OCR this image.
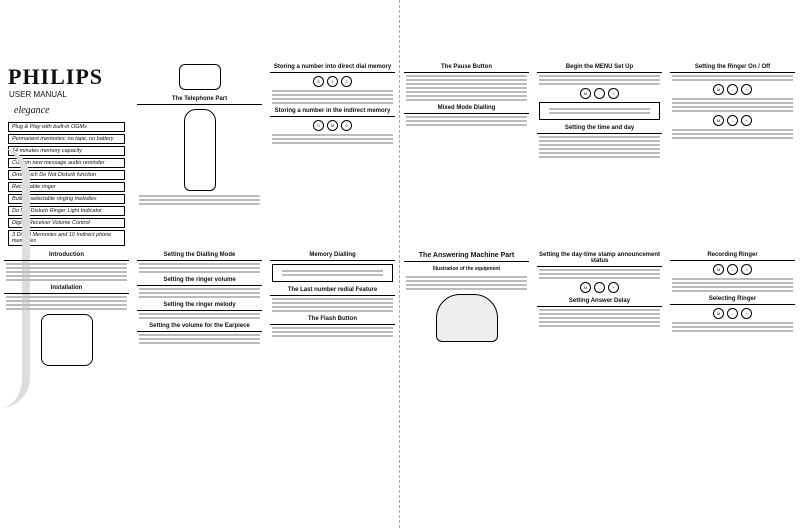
PHILIPS
USER MANUAL
elegance
Plug & Play with built-in OGMs
Permanent memories: no tape, no battery
14 minutes memory capacity
Custom new message audio reminder
One-touch Do Not Disturb function
Recordable ringer
Built-in selectable ringing melodies
Do Not Disturb Ringer Light Indicator
Digital Receiver Volume Control
3 Direct Memories and 10 Indirect phone memories
The Telephone Part
Storing a number into direct dial memory
S	1	2
Storing a number in the indirect memory
S	M	0
The Pause Button
Mixed Mode Dialling
Begin the MENU Set Up
M	-	+
Setting the time and day
Setting the Ringer On / Off
M	-	+
M	-	+
Introduction
Installation
Setting the Dialling Mode
Setting the ringer volume
Setting the ringer melody
Setting the volume for the Earpiece
Memory Dialling
The Last number redial Feature
The Flash Button
The Answering Machine Part
Illustration of the equipment
Setting the day-time stamp announcement status
M	-	+
Setting Answer Delay
Recording Ringer
M	-	+
Selecting Ringer
M	-	+
